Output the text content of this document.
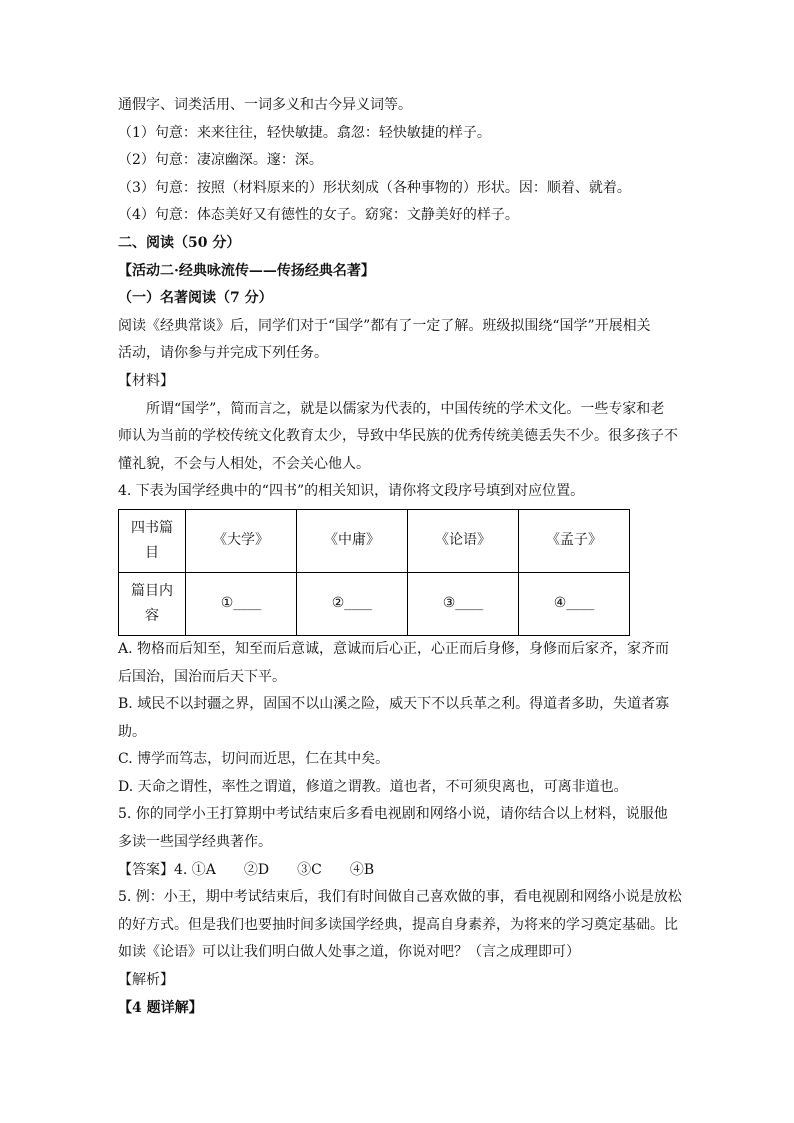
通假字、词类活用、一词多义和古今异义词等。
（1）句意：来来往往，轻快敏捷。翕忽：轻快敏捷的样子。
（2）句意：凄凉幽深。邃：深。
（3）句意：按照（材料原来的）形状刻成（各种事物的）形状。因：顺着、就着。
（4）句意：体态美好又有德性的女子。窈窕：文静美好的样子。
二、阅读（50 分）
【活动二·经典咏流传——传扬经典名著】
（一）名著阅读（7 分）
阅读《经典常谈》后，同学们对于“国学”都有了一定了解。班级拟围绕“国学”开展相关
活动，请你参与并完成下列任务。
【材料】
所谓“国学”，简而言之，就是以儒家为代表的，中国传统的学术文化。一些专家和老
师认为当前的学校传统文化教育太少，导致中华民族的优秀传统美德丢失不少。很多孩子不
懂礼貌，不会与人相处，不会关心他人。
4. 下表为国学经典中的“四书”的相关知识，请你将文段序号填到对应位置。
四书篇
目	《大学》	《中庸》	《论语》	《孟子》

篇目内
容	①____	②____	③____	④____
A. 物格而后知至，知至而后意诚，意诚而后心正，心正而后身修，身修而后家齐，家齐而
后国治，国治而后天下平。
B. 域民不以封疆之界，固国不以山溪之险，威天下不以兵革之利。得道者多助，失道者寡
助。
C. 博学而笃志，切问而近思，仁在其中矣。
D. 天命之谓性，率性之谓道，修道之谓教。道也者，不可须臾离也，可离非道也。
5. 你的同学小王打算期中考试结束后多看电视剧和网络小说，请你结合以上材料，说服他
多读一些国学经典著作。
【答案】4. ①A　　②D　　③C　　④B
5. 例：小王，期中考试结束后，我们有时间做自己喜欢做的事，看电视剧和网络小说是放松
的好方式。但是我们也要抽时间多读国学经典，提高自身素养，为将来的学习奠定基础。比
如读《论语》可以让我们明白做人处事之道，你说对吧？（言之成理即可）
【解析】
【4 题详解】
